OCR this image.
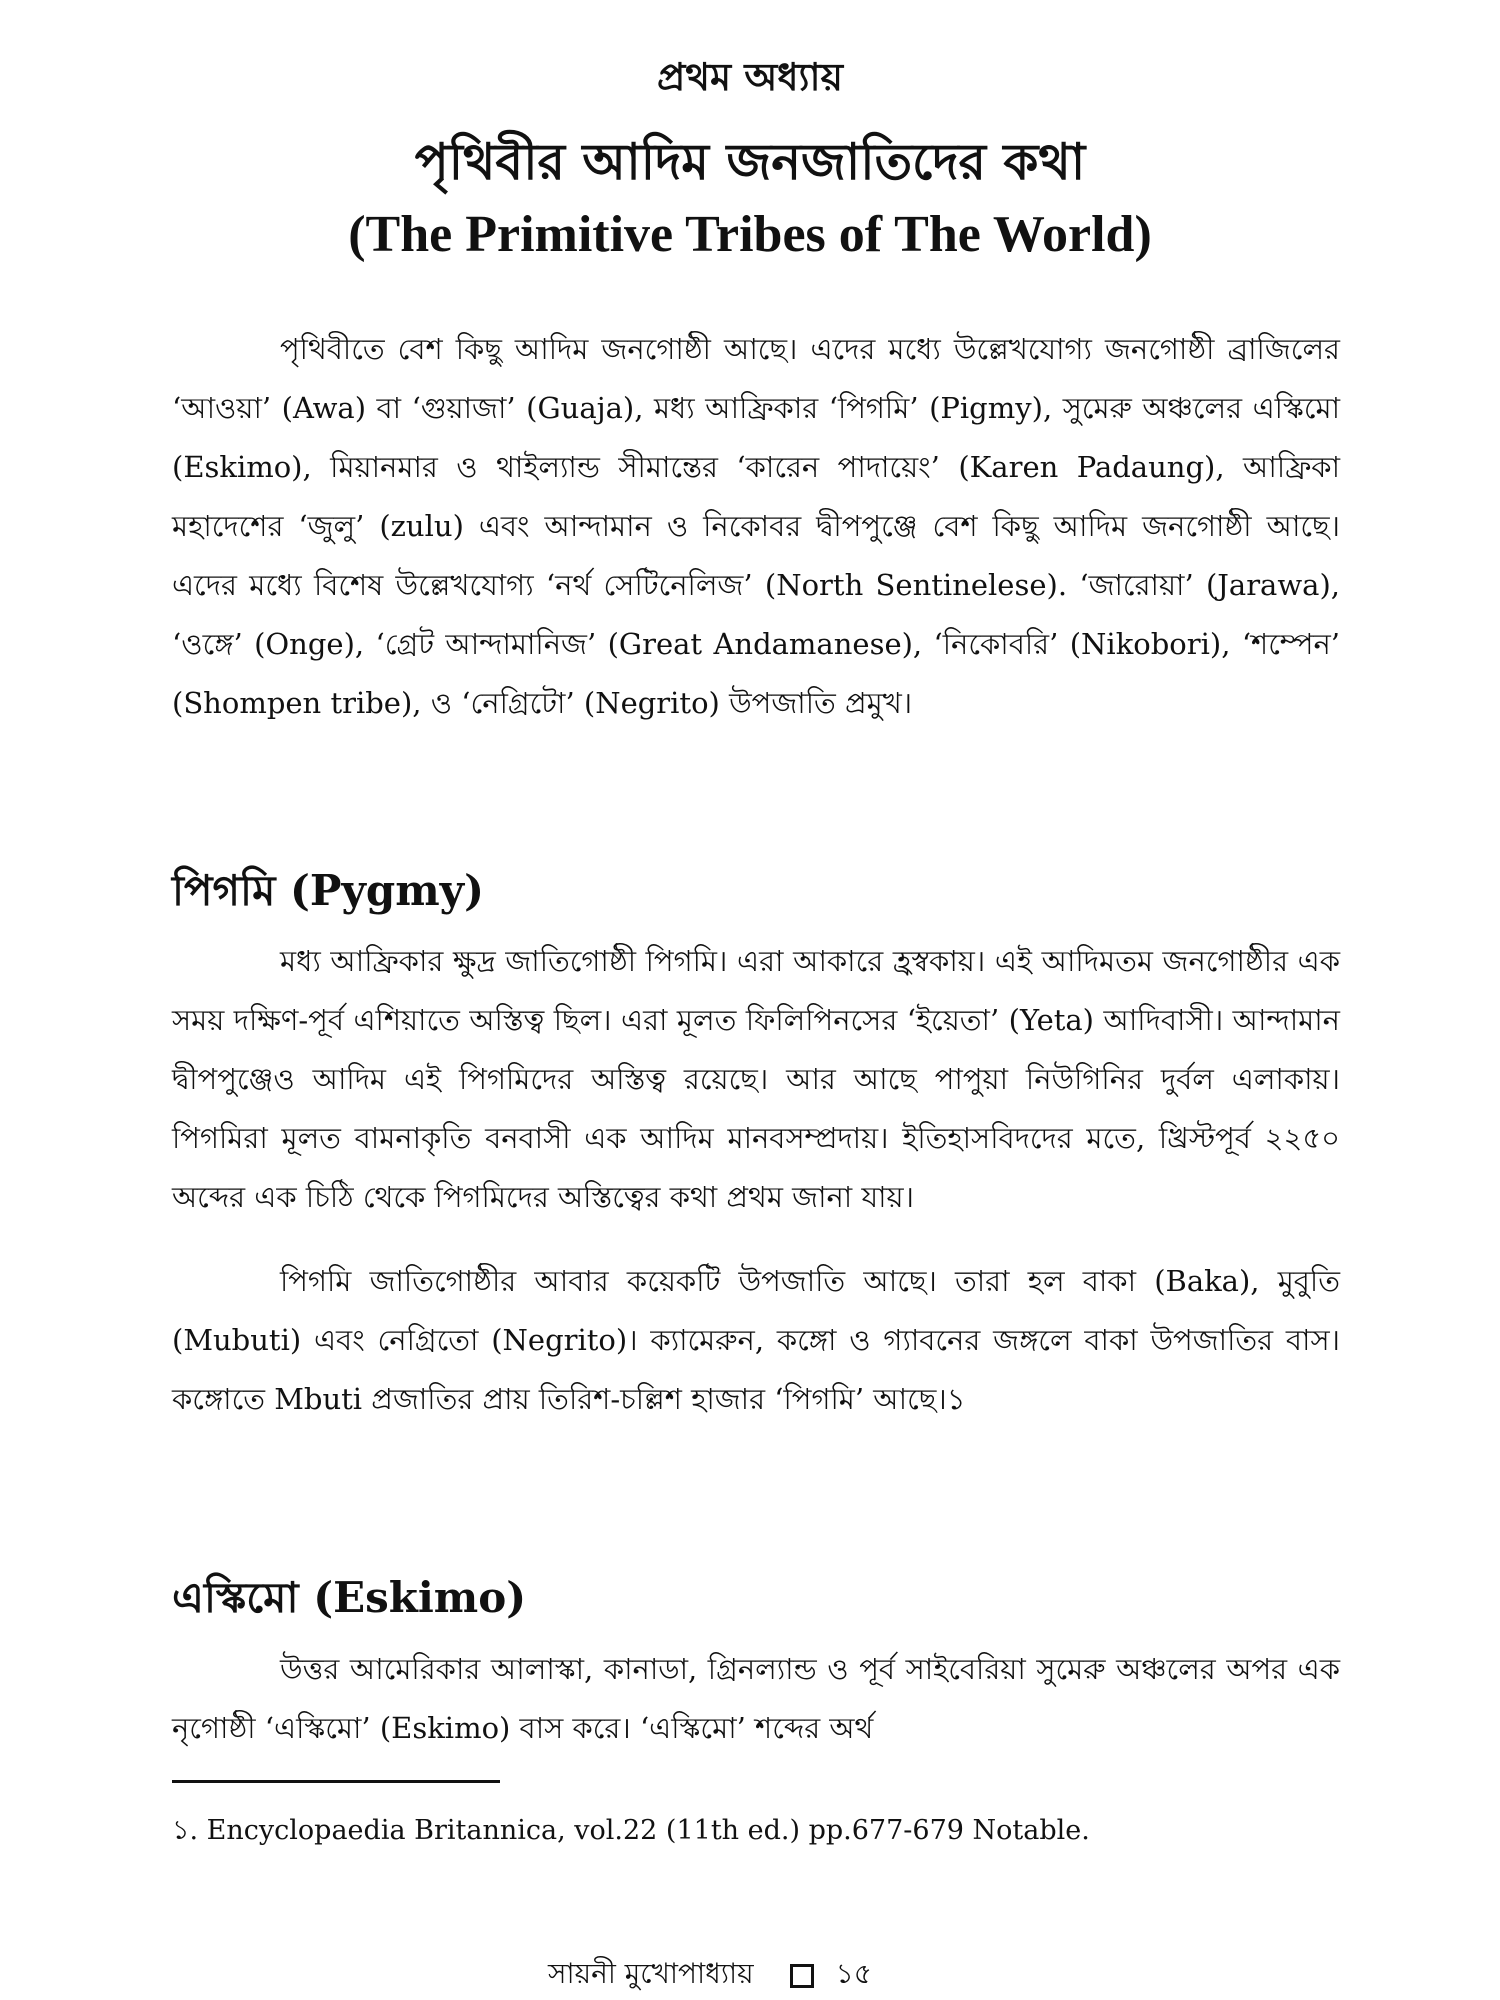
প্রথম অধ্যায়
পৃথিবীর আদিম জনজাতিদের কথা
(The Primitive Tribes of The World)

পৃথিবীতে বেশ কিছু আদিম জনগোষ্ঠী আছে। এদের মধ্যে উল্লেখযোগ্য জনগোষ্ঠী ব্রাজিলের ‘আওয়া’ (Awa) বা ‘গুয়াজা’ (Guaja), মধ্য আফ্রিকার ‘পিগমি’ (Pigmy), সুমেরু অঞ্চলের এস্কিমো (Eskimo), মিয়ানমার ও থাইল্যান্ড সীমান্তের ‘কারেন পাদায়েং’ (Karen Padaung), আফ্রিকা মহাদেশের ‘জুলু’ (zulu) এবং আন্দামান ও নিকোবর দ্বীপপুঞ্জে বেশ কিছু আদিম জনগোষ্ঠী আছে। এদের মধ্যে বিশেষ উল্লেখযোগ্য ‘নর্থ সেটিনেলিজ’ (North Sentinelese). ‘জারোয়া’ (Jarawa), ‘ওঙ্গে’ (Onge), ‘গ্রেট আন্দামানিজ’ (Great Andamanese), ‘নিকোবরি’ (Nikobori), ‘শম্পেন’ (Shompen tribe), ও ‘নেগ্রিটো’ (Negrito) উপজাতি প্রমুখ।

পিগমি (Pygmy)

মধ্য আফ্রিকার ক্ষুদ্র জাতিগোষ্ঠী পিগমি। এরা আকারে হ্রস্বকায়। এই আদিমতম জনগোষ্ঠীর এক সময় দক্ষিণ-পূর্ব এশিয়াতে অস্তিত্ব ছিল। এরা মূলত ফিলিপিনসের ‘ইয়েতা’ (Yeta) আদিবাসী। আন্দামান দ্বীপপুঞ্জেও আদিম এই পিগমিদের অস্তিত্ব রয়েছে। আর আছে পাপুয়া নিউগিনির দুর্বল এলাকায়। পিগমিরা মূলত বামনাকৃতি বনবাসী এক আদিম মানবসম্প্রদায়। ইতিহাসবিদদের মতে, খ্রিস্টপূর্ব ২২৫০ অব্দের এক চিঠি থেকে পিগমিদের অস্তিত্বের কথা প্রথম জানা যায়।

পিগমি জাতিগোষ্ঠীর আবার কয়েকটি উপজাতি আছে। তারা হল বাকা (Baka), মুবুতি (Mubuti) এবং নেগ্রিতো (Negrito)। ক্যামেরুন, কঙ্গো ও গ্যাবনের জঙ্গলে বাকা উপজাতির বাস। কঙ্গোতে Mbuti প্রজাতির প্রায় তিরিশ-চল্লিশ হাজার ‘পিগমি’ আছে।১

এস্কিমো (Eskimo)

উত্তর আমেরিকার আলাস্কা, কানাডা, গ্রিনল্যান্ড ও পূর্ব সাইবেরিয়া সুমেরু অঞ্চলের অপর এক নৃগোষ্ঠী ‘এস্কিমো’ (Eskimo) বাস করে। ‘এস্কিমো’ শব্দের অর্থ

১. Encyclopaedia Britannica, vol.22 (11th ed.) pp.677-679 Notable.
সায়নী মুখোপাধ্যায়	১৫
